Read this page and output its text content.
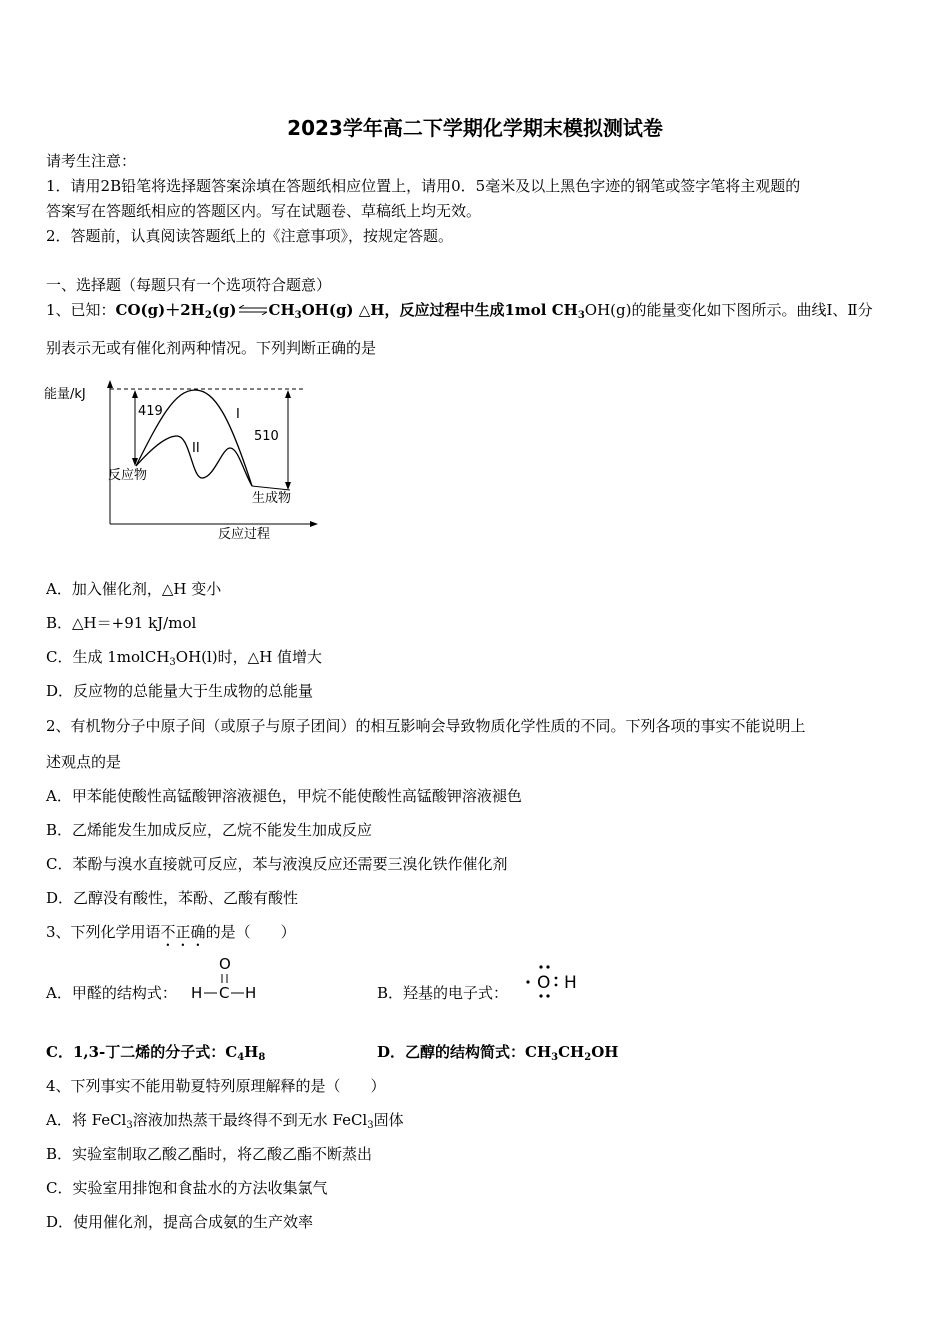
2023学年高二下学期化学期末模拟测试卷
请考生注意：
1．请用2B铅笔将选择题答案涂填在答题纸相应位置上，请用0．5毫米及以上黑色字迹的钢笔或签字笔将主观题的
答案写在答题纸相应的答题区内。写在试题卷、草稿纸上均无效。
2．答题前，认真阅读答题纸上的《注意事项》，按规定答题。
一、选择题（每题只有一个选项符合题意）
1、已知：$CO(g)+2H_2(g)\rightleftharpoons CH_3OH(g)$ △H，反应过程中生成1mol $CH_3OH(g)$的能量变化如下图所示。曲线Ⅰ、Ⅱ分
别表示无或有催化剂两种情况。下列判断正确的是
能量/kJ
419
510
I
II
反应物
生成物
反应过程
A．加入催化剂，△H 变小
B．△H＝+91 kJ/mol
C．生成 1molCH$_3$OH(l)时，△H 值增大
D．反应物的总能量大于生成物的总能量
2、有机物分子中原子间（或原子与原子团间）的相互影响会导致物质化学性质的不同。下列各项的事实不能说明上
述观点的是
A．甲苯能使酸性高锰酸钾溶液褪色，甲烷不能使酸性高锰酸钾溶液褪色
B．乙烯能发生加成反应，乙烷不能发生加成反应
C．苯酚与溴水直接就可反应，苯与液溴反应还需要三溴化铁作催化剂
D．乙醇没有酸性，苯酚、乙酸有酸性
3、下列化学用语不正确的是（　　）
A．甲醛的结构式：
O
H C H	B．羟基的电子式： O H
C．1,3-丁二烯的分子式：$C_4H_8$	D．乙醇的结构简式：$CH_3CH_2OH$
4、下列事实不能用勒夏特列原理解释的是（　　）
A．将 FeCl$_3$溶液加热蒸干最终得不到无水 FeCl$_3$固体
B．实验室制取乙酸乙酯时，将乙酸乙酯不断蒸出
C．实验室用排饱和食盐水的方法收集氯气
D．使用催化剂，提高合成氨的生产效率
